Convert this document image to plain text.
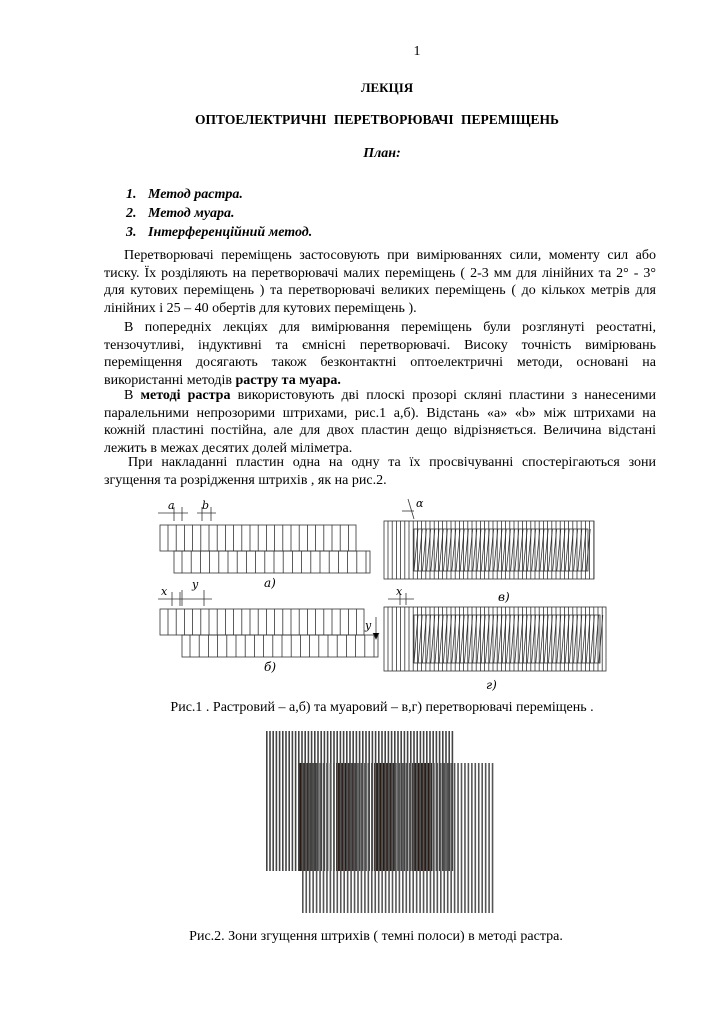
1
ЛЕКЦІЯ
ОПТОЕЛЕКТРИЧНІ ПЕРЕТВОРЮВАЧІ ПЕРЕМІЩЕНЬ
План:
1. Метод растра.
2. Метод муара.
3. Інтерференційний метод.

Перетворювачі переміщень застосовують при вимірюваннях сили, моменту сил або тиску. Їх розділяють на перетворювачі малих переміщень ( 2-3 мм для лінійних та 2° - 3° для кутових переміщень ) та перетворювачі великих переміщень ( до кількох метрів для лінійних і 25 – 40 обертів для кутових переміщень ).

В попередніх лекціях для вимірювання переміщень були розглянуті реостатні, тензочутливі, індуктивні та ємнісні перетворювачі. Високу точність вимірювань переміщення досягають також безконтактні оптоелектричні методи, основані на використанні методів растру та муара.

В методі растра використовують дві плоскі прозорі скляні пластини з нанесеними паралельними непрозорими штрихами, рис.1 а,б). Відстань «а» «b» між штрихами на кожній пластині постійна, але для двох пластин дещо відрізняється. Величина відстані лежить в межах десятих долей міліметра.

При накладанні пластин одна на одну та їх просвічуванні спостерігаються зони згущення та розрідження штрихів , як на рис.2.

a b
x
y
α
x
y
а)
б)
в)
г)
Рис.1 . Растровий – а,б) та муаровий – в,г) перетворювачі переміщень .
Рис.2. Зони згущення штрихів ( темні полоси) в методі растра.
